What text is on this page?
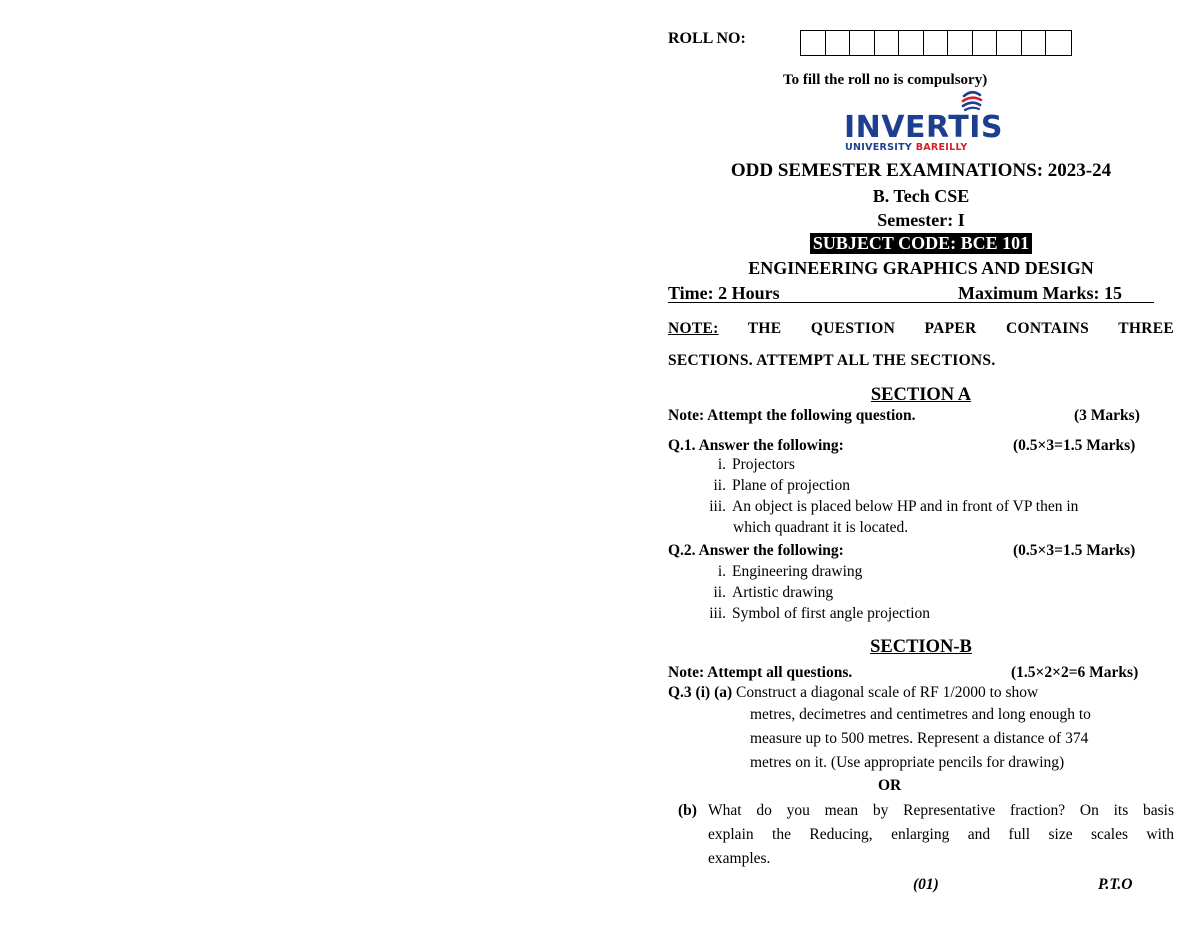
ROLL NO:
To fill the roll no is compulsory)
INVERTIS
UNIVERSITY BAREILLY
ODD SEMESTER EXAMINATIONS: 2023-24
B. Tech CSE
Semester: I
SUBJECT CODE: BCE 101
ENGINEERING GRAPHICS AND DESIGN
Time: 2 Hours	Maximum Marks: 15
NOTE: THE QUESTION PAPER CONTAINS THREE
SECTIONS. ATTEMPT ALL THE SECTIONS.
SECTION A
Note: Attempt the following question.	(3 Marks)
Q.1. Answer the following:	(0.5×3=1.5 Marks)
i. Projectors
ii. Plane of projection
iii. An object is placed below HP and in front of VP then in
which quadrant it is located.
Q.2. Answer the following:	(0.5×3=1.5 Marks)
i. Engineering drawing
ii. Artistic drawing
iii. Symbol of first angle projection
SECTION-B
Note: Attempt all questions.	(1.5×2×2=6 Marks)
Q.3 (i) (a) Construct a diagonal scale of RF 1/2000 to show
metres, decimetres and centimetres and long enough to
measure up to 500 metres. Represent a distance of 374
metres on it. (Use appropriate pencils for drawing)
OR
(b) What do you mean by Representative fraction? On its basis
explain the Reducing, enlarging and full size scales with
examples.
(01)	P.T.O
